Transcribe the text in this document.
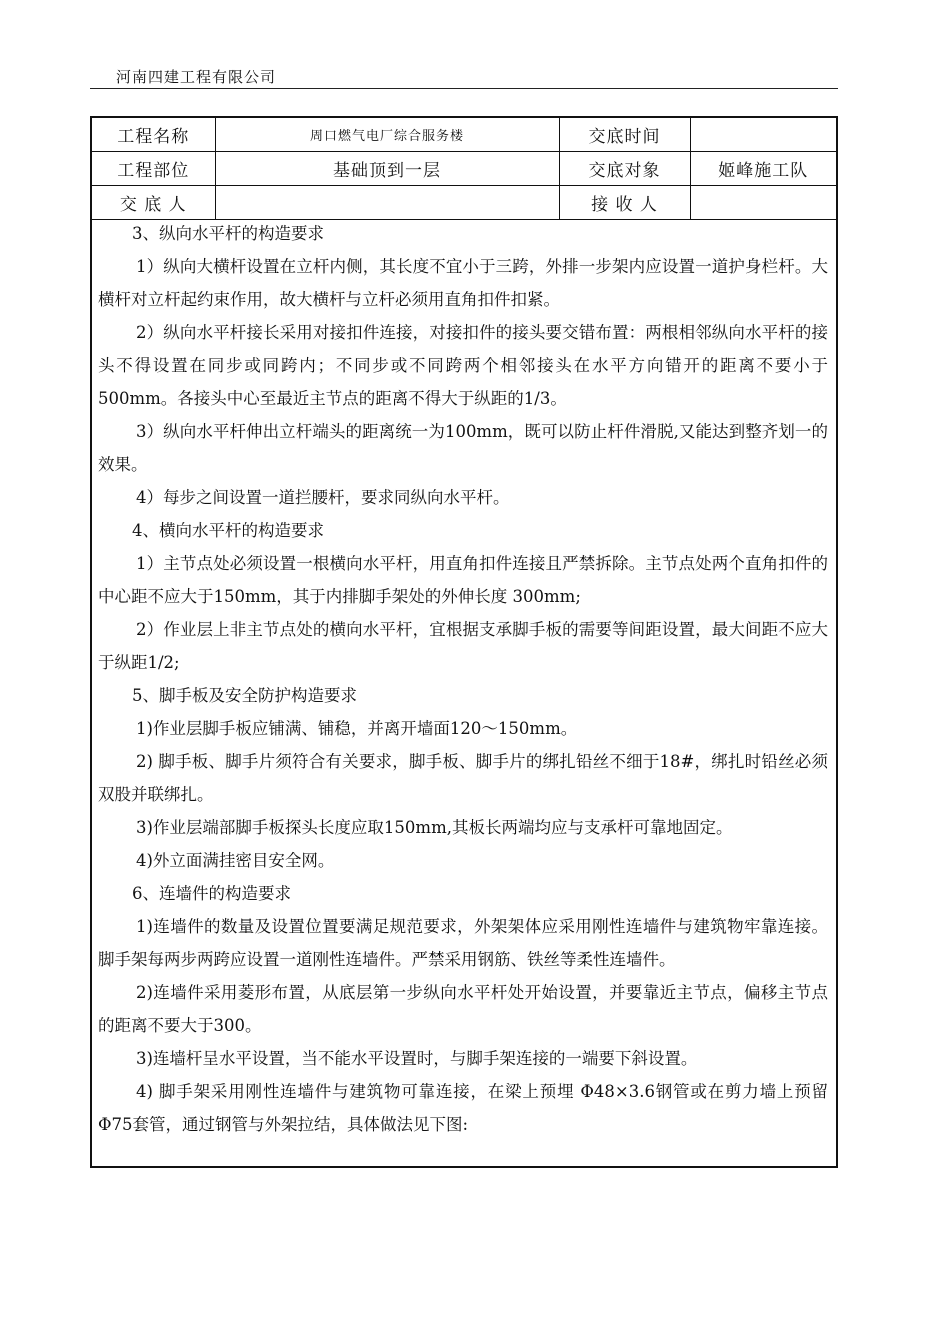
河南四建工程有限公司
工程名称	周口燃气电厂综合服务楼	交底时间	
工程部位	基础顶到一层	交底对象	姬峰施工队
交 底 人		接 收 人	

3、纵向水平杆的构造要求

1）纵向大横杆设置在立杆内侧，其长度不宜小于三跨，外排一步架内应设置一道护身栏杆。大横杆对立杆起约束作用，故大横杆与立杆必须用直角扣件扣紧。

2）纵向水平杆接长采用对接扣件连接，对接扣件的接头要交错布置：两根相邻纵向水平杆的接头不得设置在同步或同跨内；不同步或不同跨两个相邻接头在水平方向错开的距离不要小于500mm。各接头中心至最近主节点的距离不得大于纵距的1/3。

3）纵向水平杆伸出立杆端头的距离统一为100mm，既可以防止杆件滑脱,又能达到整齐划一的效果。

4）每步之间设置一道拦腰杆，要求同纵向水平杆。

4、横向水平杆的构造要求

1）主节点处必须设置一根横向水平杆，用直角扣件连接且严禁拆除。主节点处两个直角扣件的中心距不应大于150mm，其于内排脚手架处的外伸长度 300mm;

2）作业层上非主节点处的横向水平杆，宜根据支承脚手板的需要等间距设置，最大间距不应大于纵距1/2;

5、脚手板及安全防护构造要求

1)作业层脚手板应铺满、铺稳，并离开墙面120～150mm。

2) 脚手板、脚手片须符合有关要求，脚手板、脚手片的绑扎铅丝不细于18#，绑扎时铅丝必须双股并联绑扎。

3)作业层端部脚手板探头长度应取150mm,其板长两端均应与支承杆可靠地固定。

4)外立面满挂密目安全网。

6、连墙件的构造要求

1)连墙件的数量及设置位置要满足规范要求，外架架体应采用刚性连墙件与建筑物牢靠连接。脚手架每两步两跨应设置一道刚性连墙件。严禁采用钢筋、铁丝等柔性连墙件。

2)连墙件采用菱形布置，从底层第一步纵向水平杆处开始设置，并要靠近主节点，偏移主节点的距离不要大于300。

3)连墙杆呈水平设置，当不能水平设置时，与脚手架连接的一端要下斜设置。

4) 脚手架采用刚性连墙件与建筑物可靠连接，在梁上预埋 Φ48×3.6钢管或在剪力墙上预留 Φ75套管，通过钢管与外架拉结，具体做法见下图:
